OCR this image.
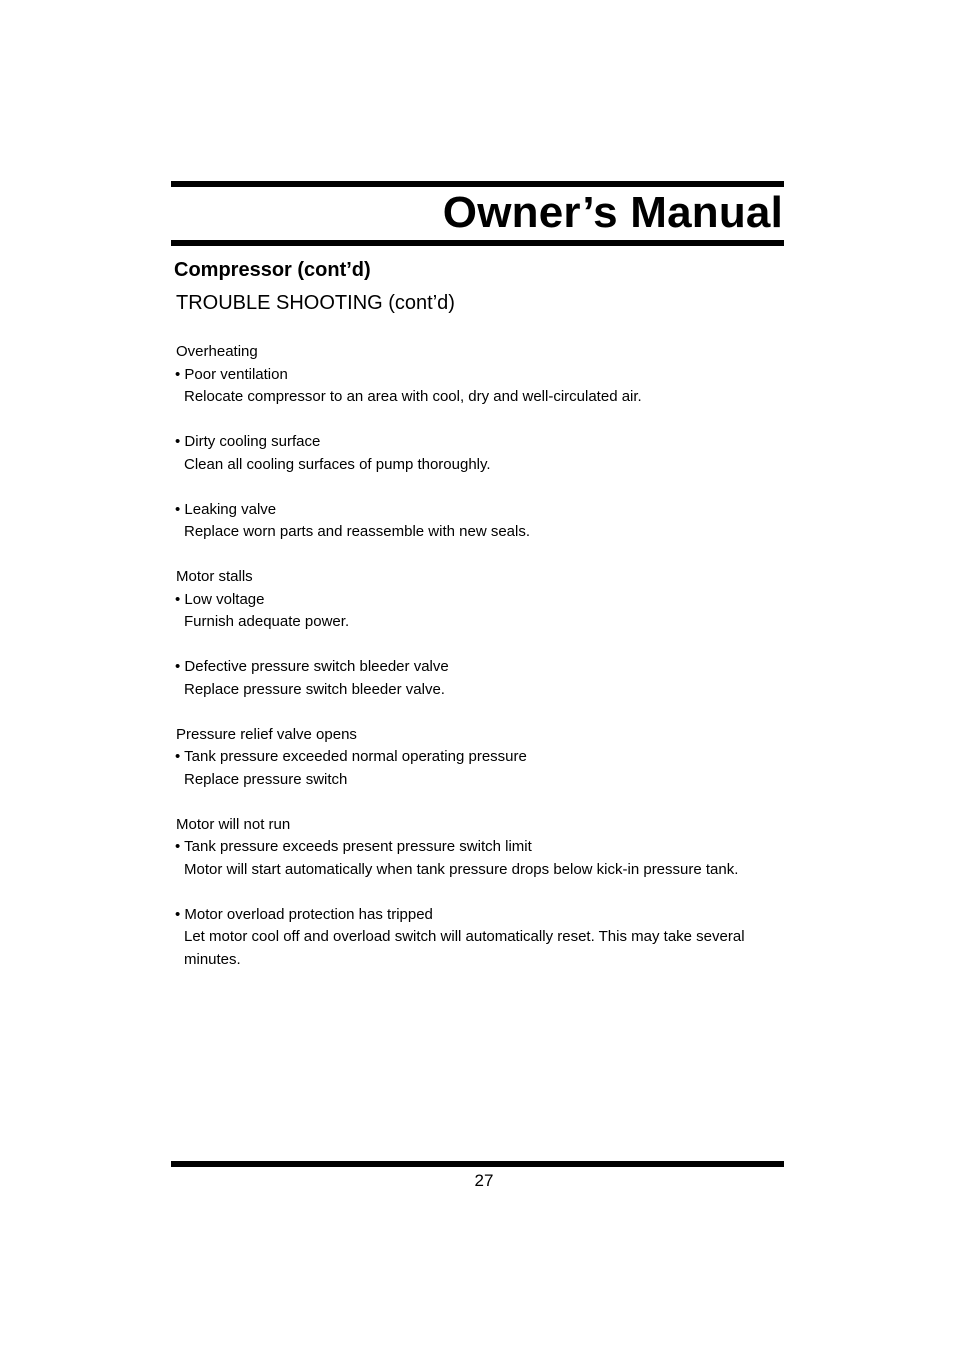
Owner’s Manual
Compressor (cont’d)
TROUBLE SHOOTING (cont’d)
Overheating
• Poor ventilation
Relocate compressor to an area with cool, dry and well-circulated air.
• Dirty cooling surface
Clean all cooling surfaces of pump thoroughly.
• Leaking valve
Replace worn parts and reassemble with new seals.
Motor stalls
• Low voltage
Furnish adequate power.
• Defective pressure switch bleeder valve
Replace pressure switch bleeder valve.
Pressure relief valve opens
• Tank pressure exceeded normal operating pressure
Replace pressure switch
Motor will not run
• Tank pressure exceeds present pressure switch limit
Motor will start automatically when tank pressure drops below kick-in pressure tank.
• Motor overload protection has tripped
Let motor cool off and overload switch will automatically reset. This may take several
minutes.
27
